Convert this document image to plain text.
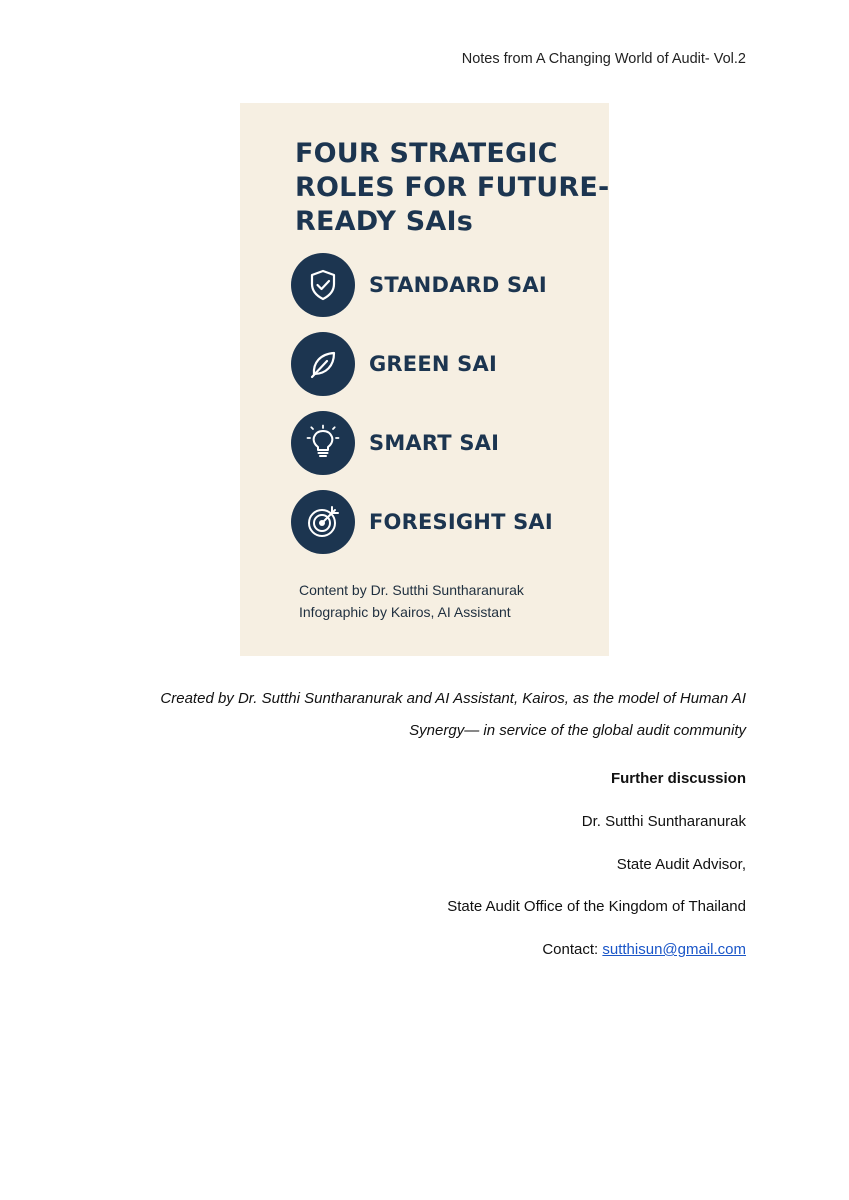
Notes from A Changing World of Audit- Vol.2
FOUR STRATEGIC
ROLES FOR FUTURE-
READY SAIs
STANDARD SAI
GREEN SAI
SMART SAI
FORESIGHT SAI
Content by Dr. Sutthi Suntharanurak
Infographic by Kairos, AI Assistant
Created by Dr. Sutthi Suntharanurak and AI Assistant, Kairos, as the model of Human AI
Synergy— in service of the global audit community
Further discussion
Dr. Sutthi Suntharanurak
State Audit Advisor,
State Audit Office of the Kingdom of Thailand
Contact: sutthisun@gmail.com
